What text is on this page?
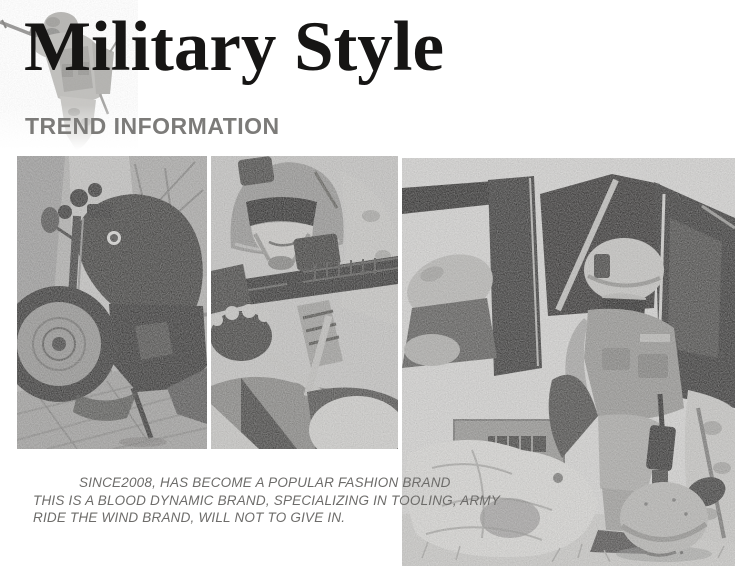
Military Style
TREND INFORMATION
SINCE2008, HAS BECOME A POPULAR FASHION BRAND
THIS IS A BLOOD DYNAMIC BRAND, SPECIALIZING IN TOOLING, ARMY
RIDE THE WIND BRAND, WILL NOT TO GIVE IN.
